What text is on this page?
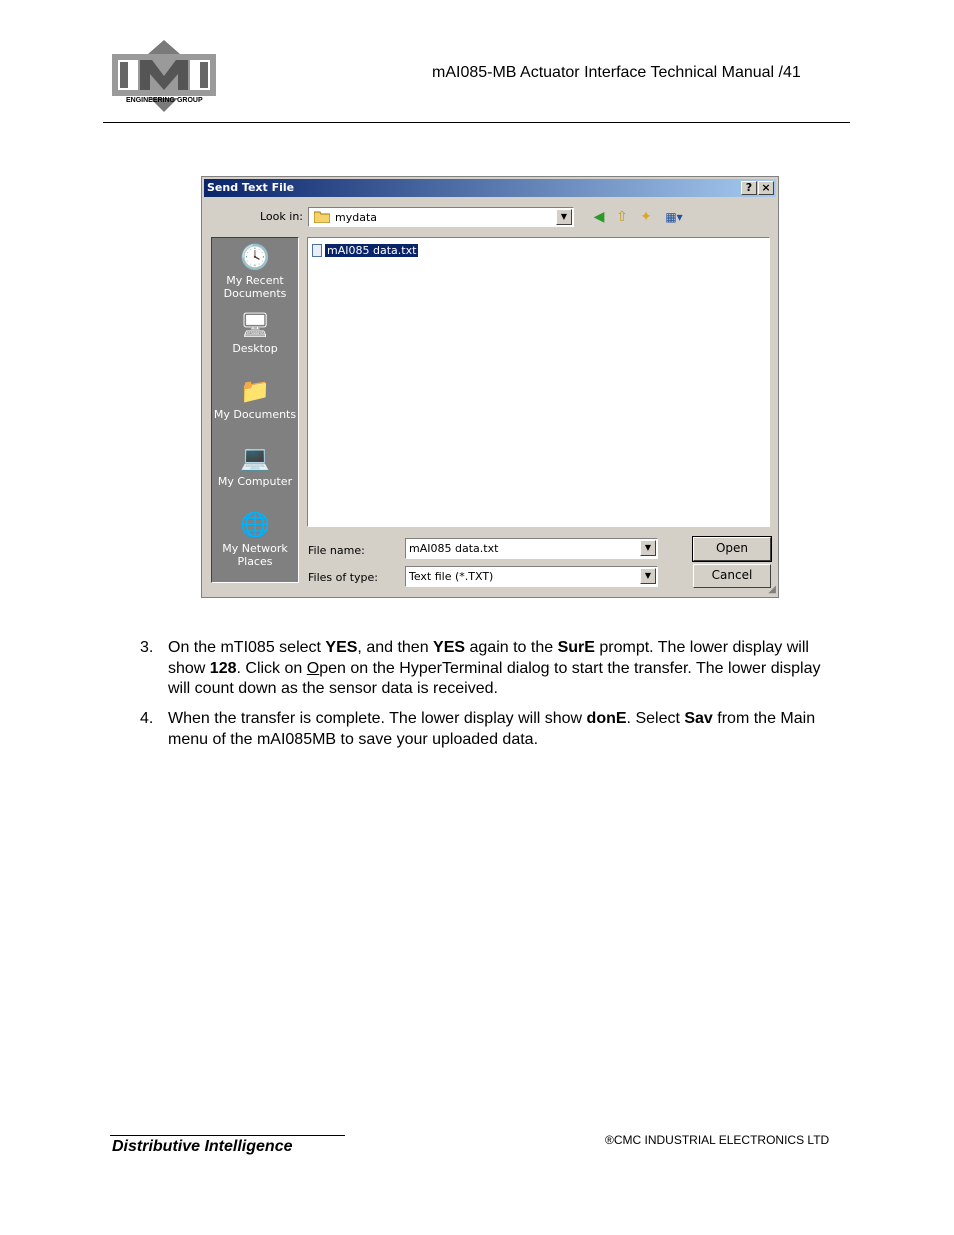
ENGINEERING GROUP
mAI085-MB Actuator Interface Technical Manual /41
Send Text File	? ×
Look in:	mydata	▼	◀ ⇧ ✦	▦▾
🕓
My Recent Documents
🖥
Desktop
📁
My Documents
💻
My Computer
🌐
My Network Places
mAI085 data.txt
File name:	mAI085 data.txt	▼
Files of type:	Text file (*.TXT)	▼
Open
Cancel
◢
3. On the mTI085 select YES, and then YES again to the SurE prompt. The lower display will show 128. Click on Open on the HyperTerminal dialog to start the transfer. The lower display will count down as the sensor data is received.
4. When the transfer is complete. The lower display will show donE. Select Sav from the Main menu of the mAI085MB to save your uploaded data.
Distributive Intelligence	®CMC INDUSTRIAL ELECTRONICS LTD
